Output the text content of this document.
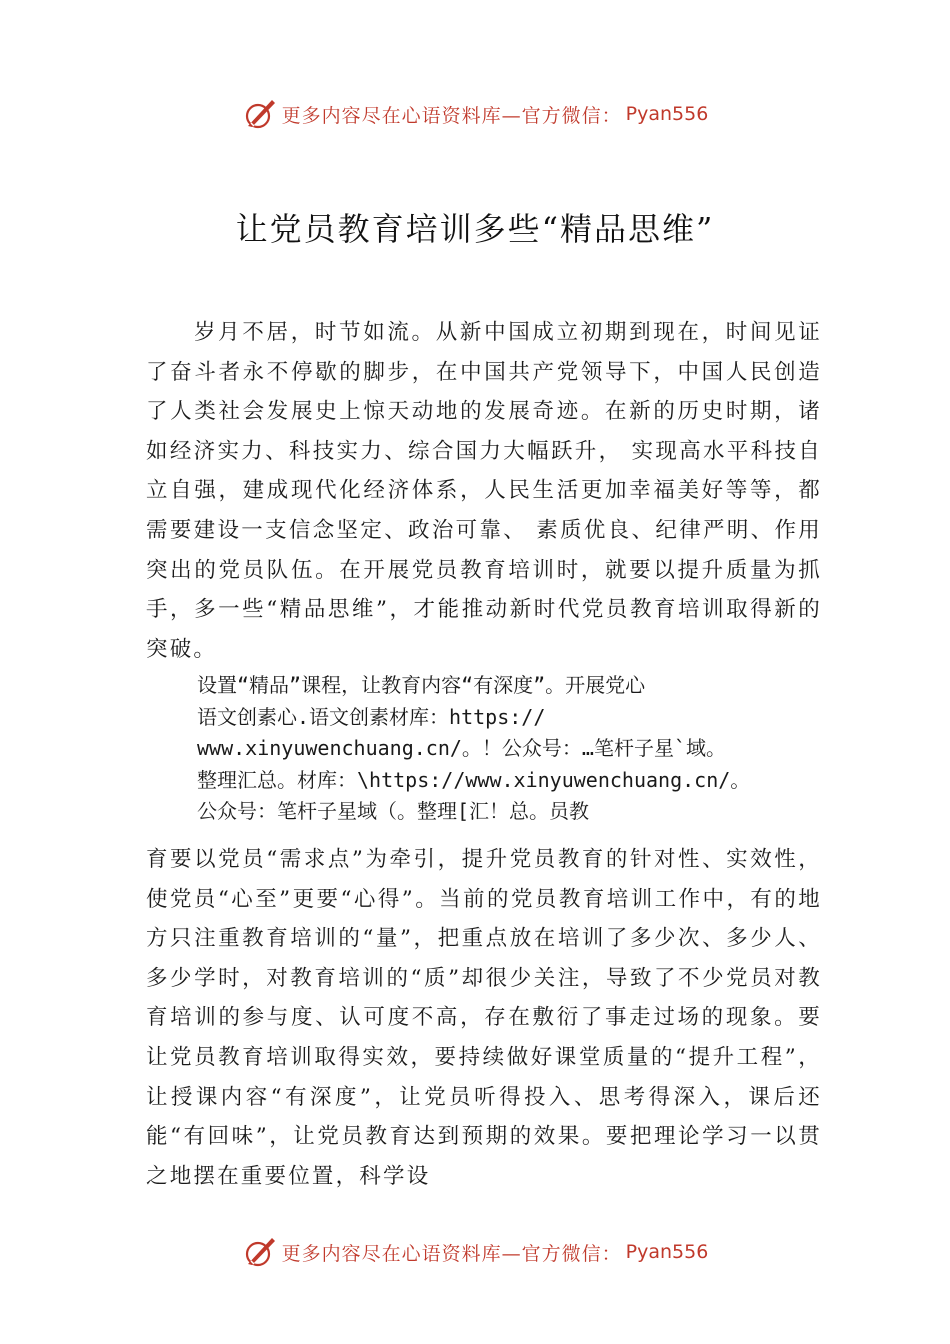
更多内容尽在心语资料库—官方微信： Pyan556
让党员教育培训多些“精品思维”

岁月不居，时节如流。从新中国成立初期到现在，时间见证了奋斗者永不停歇的脚步，在中国共产党领导下，中国人民创造了人类社会发展史上惊天动地的发展奇迹。在新的历史时期，诸如经济实力、科技实力、综合国力大幅跃升， 实现高水平科技自立自强，建成现代化经济体系，人民生活更加幸福美好等等，都需要建设一支信念坚定、政治可靠、 素质优良、纪律严明、作用突出的党员队伍。在开展党员教育培训时，就要以提升质量为抓手，多一些“精品思维”，才能推动新时代党员教育培训取得新的突破。

设置“精品”课程，让教育内容“有深度”。开展党心
语文创素心.语文创素材库：https://
www.xinyuwenchuang.cn/。！公众号：…笔杆子星`域。
整理汇总。材库：\https://www.xinyuwenchuang.cn/。
公众号：笔杆子星域（。整理[汇！总。员教

育要以党员“需求点”为牵引，提升党员教育的针对性、实效性，使党员“心至”更要“心得”。当前的党员教育培训工作中，有的地方只注重教育培训的“量”，把重点放在培训了多少次、多少人、多少学时，对教育培训的“质”却很少关注，导致了不少党员对教育培训的参与度、认可度不高，存在敷衍了事走过场的现象。要让党员教育培训取得实效，要持续做好课堂质量的“提升工程”，让授课内容“有深度”，让党员听得投入、思考得深入，课后还能“有回味”，让党员教育达到预期的效果。要把理论学习一以贯之地摆在重要位置，科学设

更多内容尽在心语资料库—官方微信： Pyan556
